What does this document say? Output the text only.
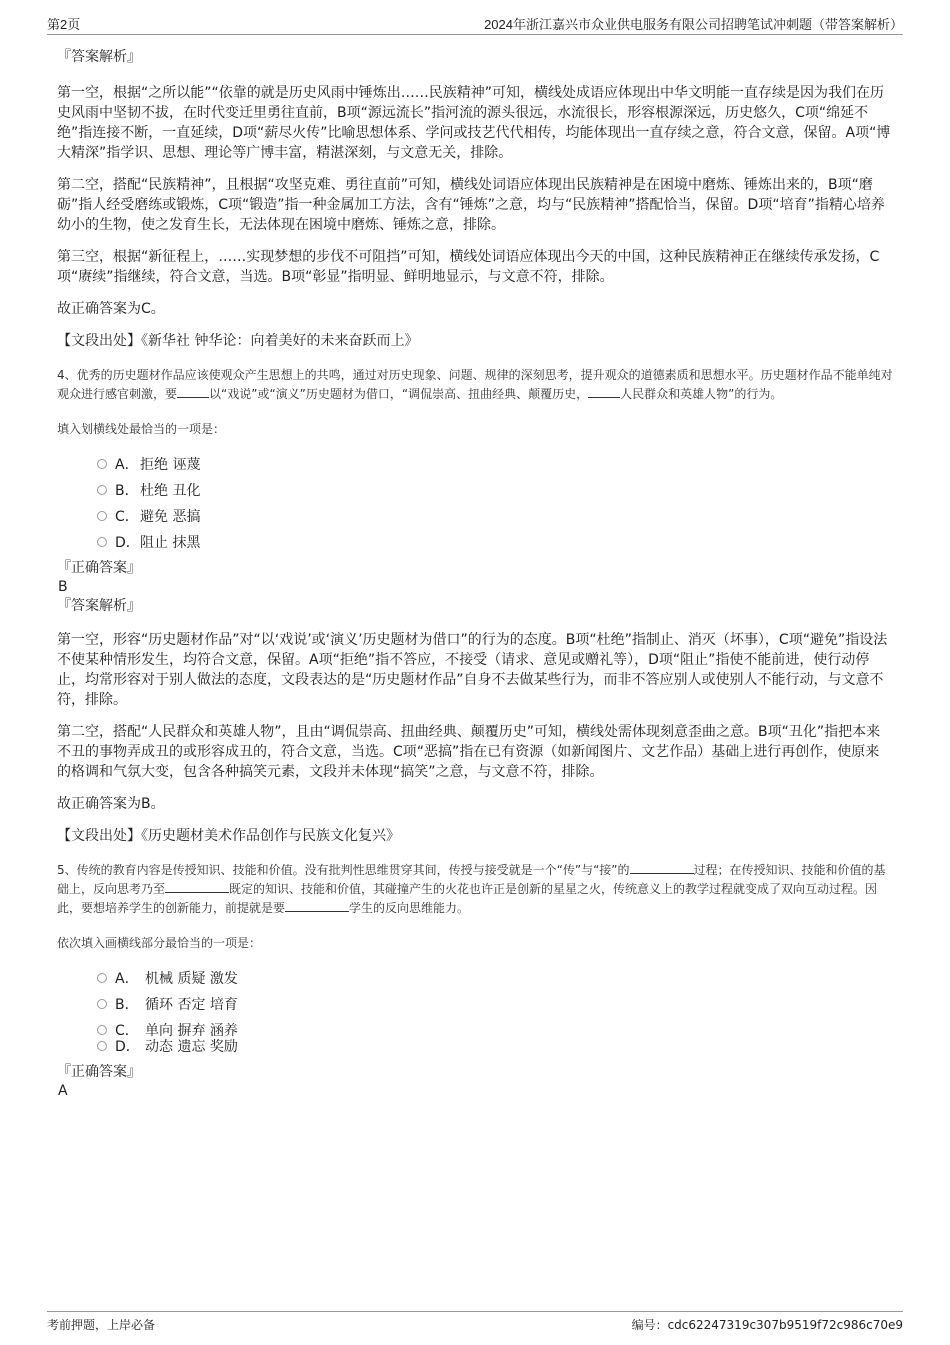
第2页	2024年浙江嘉兴市众业供电服务有限公司招聘笔试冲刺题（带答案解析）

『答案解析』

第一空，根据“之所以能”“依靠的就是历史风雨中锤炼出……民族精神”可知，横线处成语应体现出中华文明能一直存续是因为我们在历史风雨中坚韧不拔，在时代变迁里勇往直前，B项“源远流长”指河流的源头很远，水流很长，形容根源深远，历史悠久，C项“绵延不绝”指连接不断，一直延续，D项“薪尽火传”比喻思想体系、学问或技艺代代相传，均能体现出一直存续之意，符合文意，保留。A项“博大精深”指学识、思想、理论等广博丰富，精湛深刻，与文意无关，排除。

第二空，搭配“民族精神”，且根据“攻坚克难、勇往直前”可知，横线处词语应体现出民族精神是在困境中磨炼、锤炼出来的，B项“磨砺”指人经受磨练或锻炼，C项“锻造”指一种金属加工方法，含有“锤炼”之意，均与“民族精神”搭配恰当，保留。D项“培育”指精心培养幼小的生物，使之发育生长，无法体现在困境中磨炼、锤炼之意，排除。

第三空，根据“新征程上，……实现梦想的步伐不可阻挡”可知，横线处词语应体现出今天的中国，这种民族精神正在继续传承发扬，C项“赓续”指继续，符合文意，当选。B项“彰显”指明显、鲜明地显示，与文意不符，排除。

故正确答案为C。

【文段出处】《新华社 钟华论：向着美好的未来奋跃而上》

4、优秀的历史题材作品应该使观众产生思想上的共鸣，通过对历史现象、问题、规律的深刻思考，提升观众的道德素质和思想水平。历史题材作品不能单纯对观众进行感官刺激，要	以“戏说”或“演义”历史题材为借口，“调侃崇高、扭曲经典、颠覆历史，	人民群众和英雄人物”的行为。

填入划横线处最恰当的一项是：

A． 拒绝 诬蔑
B． 杜绝 丑化
C． 避免 恶搞
D． 阻止 抹黑

『正确答案』

B

『答案解析』

第一空，形容“历史题材作品”对“以‘戏说’或‘演义’历史题材为借口”的行为的态度。B项“杜绝”指制止、消灭（坏事），C项“避免”指设法不使某种情形发生，均符合文意，保留。A项“拒绝”指不答应，不接受（请求、意见或赠礼等），D项“阻止”指使不能前进，使行动停止，均常形容对于别人做法的态度，文段表达的是“历史题材作品”自身不去做某些行为，而非不答应别人或使别人不能行动，与文意不符，排除。

第二空，搭配“人民群众和英雄人物”，且由“调侃崇高、扭曲经典、颠覆历史”可知，横线处需体现刻意歪曲之意。B项“丑化”指把本来不丑的事物弄成丑的或形容成丑的，符合文意，当选。C项“恶搞”指在已有资源（如新闻图片、文艺作品）基础上进行再创作，使原来的格调和气氛大变，包含各种搞笑元素，文段并未体现“搞笑”之意，与文意不符，排除。

故正确答案为B。

【文段出处】《历史题材美术作品创作与民族文化复兴》

5、传统的教育内容是传授知识、技能和价值。没有批判性思维贯穿其间，传授与接受就是一个“传”与“接”的	过程；在传授知识、技能和价值的基础上，反向思考乃至	既定的知识、技能和价值，其碰撞产生的火花也许正是创新的星星之火，传统意义上的教学过程就变成了双向互动过程。因此，要想培养学生的创新能力，前提就是要	学生的反向思维能力。

依次填入画横线部分最恰当的一项是：

A． 机械 质疑 激发
B． 循环 否定 培育
C． 单向 摒弃 涵养
D． 动态 遗忘 奖励

『正确答案』

A

考前押题，上岸必备	编号：cdc62247319c307b9519f72c986c70e9
